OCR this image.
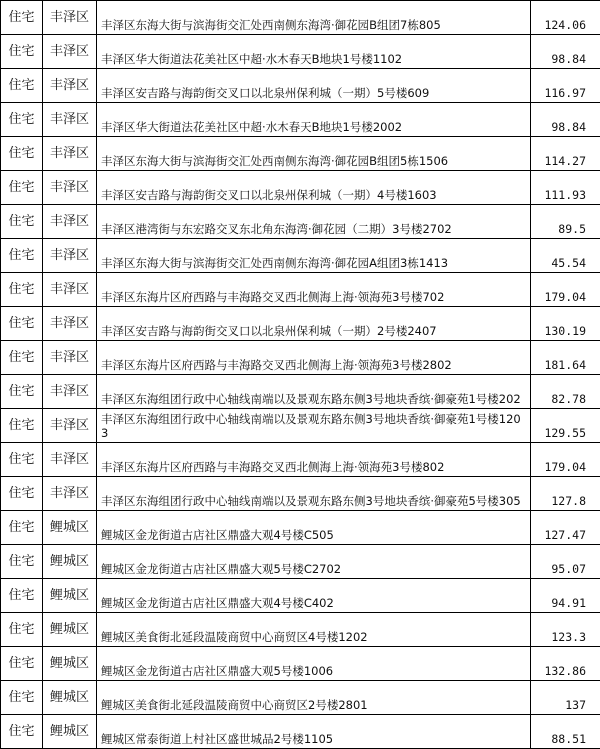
住宅	丰泽区	丰泽区东海大街与滨海街交汇处西南侧东海湾·御花园B组团7栋805	124.06
住宅	丰泽区	丰泽区华大街道法花美社区中超·水木春天B地块1号楼1102	98.84
住宅	丰泽区	丰泽区安吉路与海韵街交叉口以北泉州保利城（一期）5号楼609	116.97
住宅	丰泽区	丰泽区华大街道法花美社区中超·水木春天B地块1号楼2002	98.84
住宅	丰泽区	丰泽区东海大街与滨海街交汇处西南侧东海湾·御花园B组团5栋1506	114.27
住宅	丰泽区	丰泽区安吉路与海韵街交叉口以北泉州保利城（一期）4号楼1603	111.93
住宅	丰泽区	丰泽区港湾街与东宏路交叉东北角东海湾·御花园（二期）3号楼2702	89.5
住宅	丰泽区	丰泽区东海大街与滨海街交汇处西南侧东海湾·御花园A组团3栋1413	45.54
住宅	丰泽区	丰泽区东海片区府西路与丰海路交叉西北侧海上海·领海苑3号楼702	179.04
住宅	丰泽区	丰泽区安吉路与海韵街交叉口以北泉州保利城（一期）2号楼2407	130.19
住宅	丰泽区	丰泽区东海片区府西路与丰海路交叉西北侧海上海·领海苑3号楼2802	181.64
住宅	丰泽区	丰泽区东海组团行政中心轴线南端以及景观东路东侧3号地块香缤·御豪苑1号楼202	82.78
住宅	丰泽区	丰泽区东海组团行政中心轴线南端以及景观东路东侧3号地块香缤·御豪苑1号楼1203	129.55
住宅	丰泽区	丰泽区东海片区府西路与丰海路交叉西北侧海上海·领海苑3号楼802	179.04
住宅	丰泽区	丰泽区东海组团行政中心轴线南端以及景观东路东侧3号地块香缤·御豪苑5号楼305	127.8
住宅	鲤城区	鲤城区金龙街道古店社区鼎盛大观4号楼C505	127.47
住宅	鲤城区	鲤城区金龙街道古店社区鼎盛大观5号楼C2702	95.07
住宅	鲤城区	鲤城区金龙街道古店社区鼎盛大观4号楼C402	94.91
住宅	鲤城区	鲤城区美食街北延段温陵商贸中心商贸区4号楼1202	123.3
住宅	鲤城区	鲤城区金龙街道古店社区鼎盛大观5号楼1006	132.86
住宅	鲤城区	鲤城区美食街北延段温陵商贸中心商贸区2号楼2801	137
住宅	鲤城区	鲤城区常泰街道上村社区盛世城品2号楼1105	88.51
